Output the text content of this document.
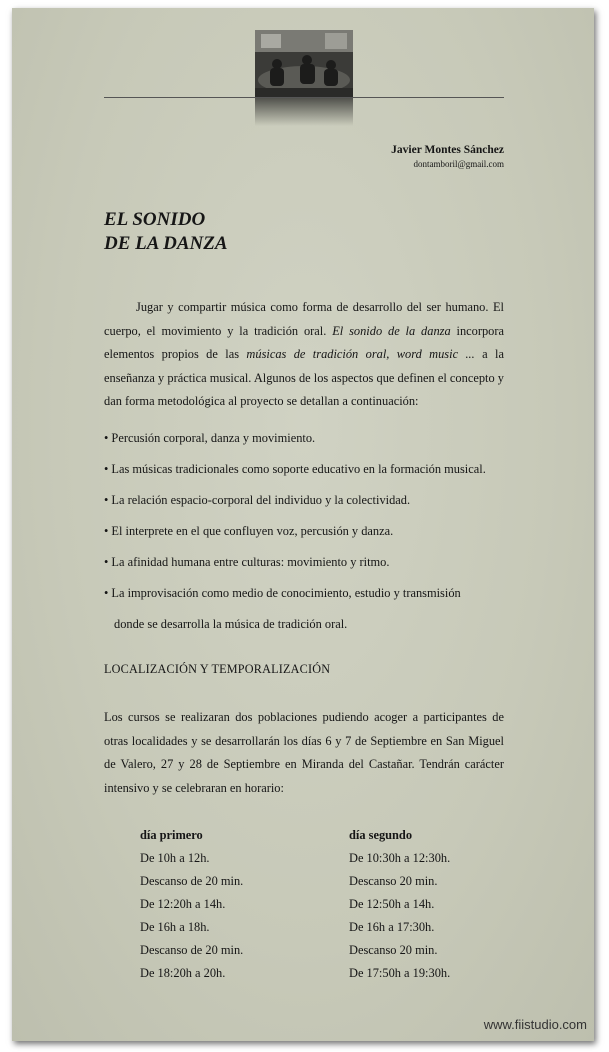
Javier Montes Sánchez
dontamboril@gmail.com
EL SONIDO
DE LA DANZA
Jugar y compartir música como forma de desarrollo del ser humano. El cuerpo, el movimiento y la tradición oral. El sonido de la danza incorpora elementos propios de las músicas de tradición oral, word music ... a la enseñanza y práctica musical. Algunos de los aspectos que definen el concepto y dan forma metodológica al proyecto se detallan a continuación:
• Percusión corporal, danza y movimiento.
• Las músicas tradicionales como soporte educativo en la formación musical.
• La relación espacio-corporal del individuo y la colectividad.
• El interprete en el que confluyen voz, percusión y danza.
• La afinidad humana entre culturas: movimiento y ritmo.
• La improvisación como medio de conocimiento, estudio y transmisión
donde se desarrolla la música de tradición oral.
LOCALIZACIÓN Y TEMPORALIZACIÓN
Los cursos se realizaran dos poblaciones pudiendo acoger a participantes de otras localidades y se desarrollarán los días 6 y 7 de Septiembre en San Miguel de Valero, 27 y 28 de Septiembre en Miranda del Castañar. Tendrán carácter intensivo y se celebraran en horario:
día primero
De 10h a 12h.
Descanso de 20 min.
De 12:20h a 14h.
De 16h a 18h.
Descanso de 20 min.
De 18:20h a 20h.
día segundo
De 10:30h a 12:30h.
Descanso 20 min.
De 12:50h a 14h.
De 16h a 17:30h.
Descanso 20 min.
De 17:50h a 19:30h.
www.fiistudio.com
